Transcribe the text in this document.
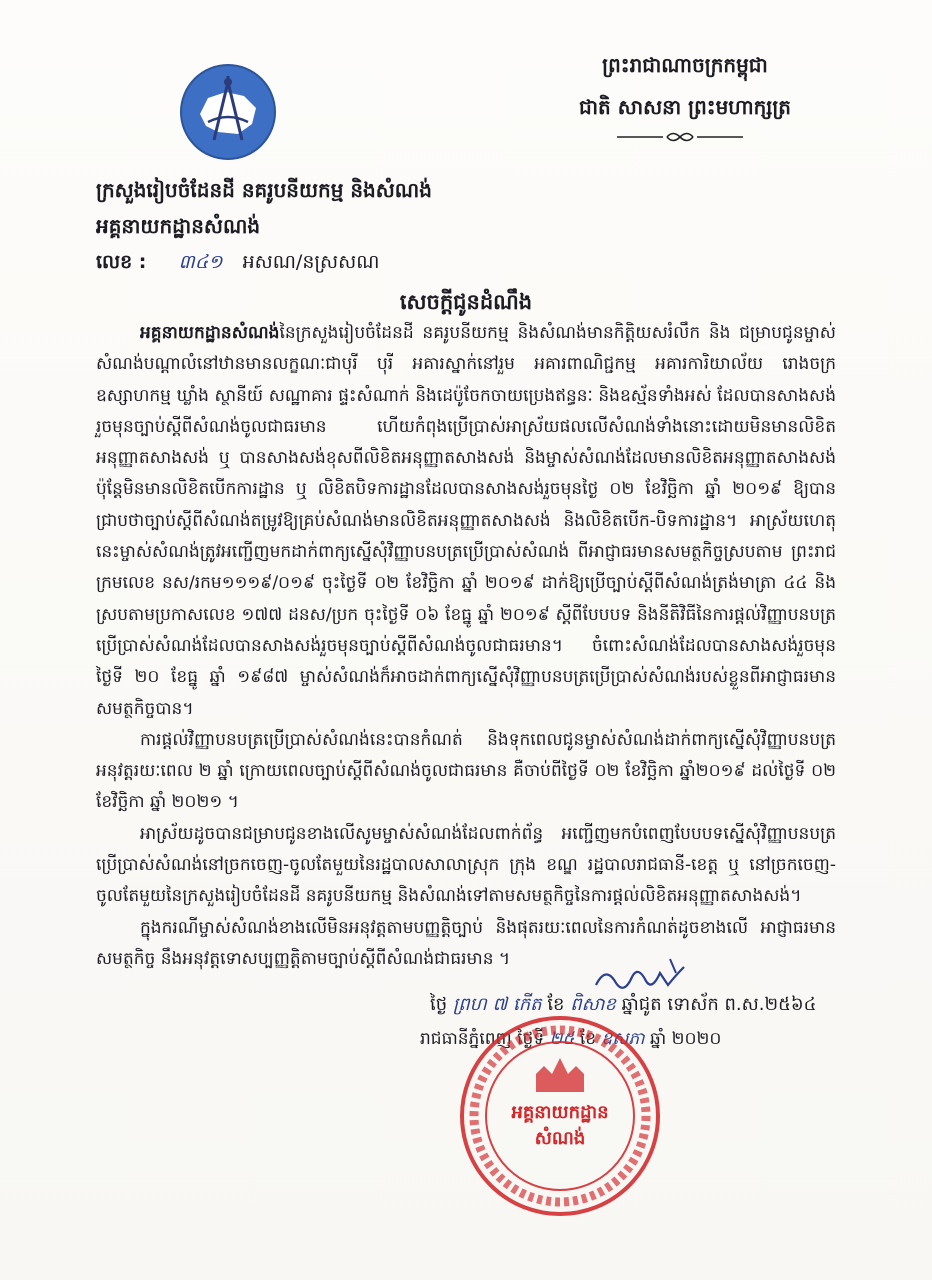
ព្រះរាជាណាចក្រកម្ពុជា
ជាតិ សាសនា ព្រះមហាក្សត្រ
ក្រសួងរៀបចំដែនដី នគរូបនីយកម្ម និងសំណង់
អគ្គនាយកដ្ឋានសំណង់
លេខ : ៣៤១ អសណ/នស្រសណ
សេចក្តីជូនដំណឹង

អគ្គនាយកដ្ឋានសំណង់នៃក្រសួងរៀបចំដែនដី នគរូបនីយកម្ម និងសំណង់មានកិត្តិយសរំលឹក និង ជម្រាបជូនម្ចាស់សំណង់បណ្តាលំនៅឋានមានលក្ខណៈជាបុរី បុរី អគារស្នាក់នៅរួម អគារពាណិជ្ជកម្ម អគារការិយាល័យ រោងចក្រ ឧស្សាហកម្ម ឃ្លាំង ស្ថានីយ៍ សណ្ឋាគារ ផ្ទះសំណាក់ និងដេប៉ូចែកចាយប្រេងឥន្ធនៈ និងឧស្ម័នទាំងអស់ ដែលបានសាងសង់រួចមុនច្បាប់ស្តីពីសំណង់ចូលជាធរមាន ហើយកំពុងប្រើប្រាស់អាស្រ័យផលលើសំណង់ទាំងនោះដោយមិនមានលិខិតអនុញ្ញាតសាងសង់ ឬ បានសាងសង់ខុសពីលិខិតអនុញ្ញាតសាងសង់ និងម្ចាស់សំណង់ដែលមានលិខិតអនុញ្ញាតសាងសង់ប៉ុន្តែមិនមានលិខិតបើកការដ្ឋាន ឬ លិខិតបិទការដ្ឋានដែលបានសាងសង់រួចមុនថ្ងៃ ០២ ខែវិច្ឆិកា ឆ្នាំ ២០១៩ ឱ្យបានជ្រាបថាច្បាប់ស្តីពីសំណង់តម្រូវឱ្យគ្រប់សំណង់មានលិខិតអនុញ្ញាតសាងសង់ និងលិខិតបើក-បិទការដ្ឋាន។ អាស្រ័យហេតុនេះម្ចាស់សំណង់ត្រូវអញ្ជើញមកដាក់ពាក្យស្នើសុំវិញ្ញាបនបត្រប្រើប្រាស់សំណង់ ពីអាជ្ញាធរមានសមត្ថកិច្ចស្របតាម ព្រះរាជក្រមលេខ នស/រកម១១១៩/០១៩ ចុះថ្ងៃទី ០២ ខែវិច្ឆិកា ឆ្នាំ ២០១៩ ដាក់ឱ្យប្រើច្បាប់ស្តីពីសំណង់ត្រង់មាត្រា ៤៤ និងស្របតាមប្រកាសលេខ ១៧៧ ដនស/ប្រក ចុះថ្ងៃទី ០៦ ខែធ្នូ ឆ្នាំ ២០១៩ ស្តីពីបែបបទ និងនីតិវិធីនៃការផ្តល់វិញ្ញាបនបត្រប្រើប្រាស់សំណង់ដែលបានសាងសង់រួចមុនច្បាប់ស្តីពីសំណង់ចូលជាធរមាន។ ចំពោះសំណង់ដែលបានសាងសង់រួចមុនថ្ងៃទី ២០ ខែធ្នូ ឆ្នាំ ១៩៨៧ ម្ចាស់សំណង់ក៏អាចដាក់ពាក្យស្នើសុំវិញ្ញាបនបត្រប្រើប្រាស់សំណង់របស់ខ្លួនពីអាជ្ញាធរមានសមត្ថកិច្ចបាន។

ការផ្តល់វិញ្ញាបនបត្រប្រើប្រាស់សំណង់នេះបានកំណត់ និងទុកពេលជូនម្ចាស់សំណង់ដាក់ពាក្យស្នើសុំវិញ្ញាបនបត្រ អនុវត្តរយៈពេល ២ ឆ្នាំ ក្រោយពេលច្បាប់ស្តីពីសំណង់ចូលជាធរមាន គឺចាប់ពីថ្ងៃទី ០២ ខែវិច្ឆិកា ឆ្នាំ២០១៩ ដល់ថ្ងៃទី ០២ ខែវិច្ឆិកា ឆ្នាំ ២០២១ ។

អាស្រ័យដូចបានជម្រាបជូនខាងលើសូមម្ចាស់សំណង់ដែលពាក់ព័ន្ធ អញ្ជើញមកបំពេញបែបបទស្នើសុំវិញ្ញាបនបត្រប្រើប្រាស់សំណង់នៅច្រកចេញ-ចូលតែមួយនៃរដ្ឋបាលសាលាស្រុក ក្រុង ខណ្ឌ រដ្ឋបាលរាជធានី-ខេត្ត ឬ នៅច្រកចេញ-ចូលតែមួយនៃក្រសួងរៀបចំដែនដី នគរូបនីយកម្ម និងសំណង់ទៅតាមសមត្ថកិច្ចនៃការផ្តល់លិខិតអនុញ្ញាតសាងសង់។

ក្នុងករណីម្ចាស់សំណង់ខាងលើមិនអនុវត្តតាមបញ្ញត្តិច្បាប់ និងផុតរយៈពេលនៃការកំណត់ដូចខាងលើ អាជ្ញាធរមានសមត្ថកិច្ច នឹងអនុវត្តទោសប្បញ្ញត្តិតាមច្បាប់ស្តីពីសំណង់ជាធរមាន ។

ថ្ងៃ ព្រហ ៧ កើត ខែ ពិសាខ ឆ្នាំជូត ទោស័ក ព.ស.២៥៦៤
រាជធានីភ្នំពេញ ថ្ងៃទី ២៥ ខែ ឧសភា ឆ្នាំ ២០២០
អគ្គនាយកដ្ឋាន
សំណង់
